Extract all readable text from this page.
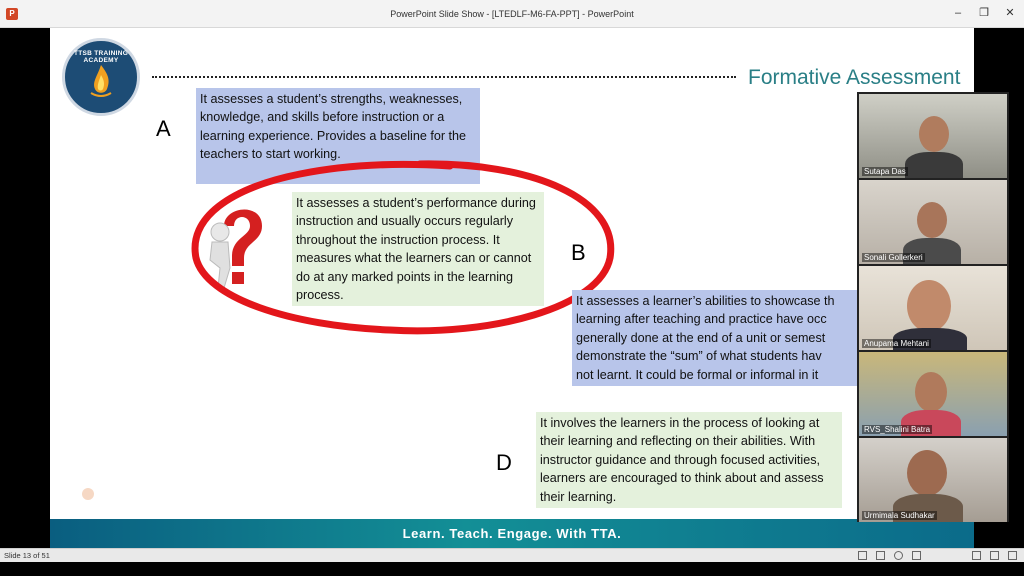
P	PowerPoint Slide Show - [LTEDLF-M6-FA-PPT] - PowerPoint	–	❐ ✕
TTSB TRAINING ACADEMY
Formative Assessment
A
It assesses a student’s strengths, weaknesses, knowledge, and skills before instruction or a learning experience. Provides a baseline for the teachers to start working.
It assesses a student’s performance during instruction and usually occurs regularly throughout the instruction process. It measures what the learners can or cannot do at any marked points in the learning process.
B
It assesses a learner’s abilities to showcase th
learning after teaching and practice have occ
generally done at the end of a unit or semest
demonstrate the “sum” of what students hav
not learnt. It could be formal or informal in it
D
It involves the learners in the process of looking at their learning and reflecting on their abilities. With instructor guidance and through focused activities, learners are encouraged to think about and assess their learning.
Learn. Teach. Engage. With TTA.
Sutapa Das
Sonali Gollerkeri
Anupama Mehtani
RVS_Shalini Batra
Urmimala Sudhakar
Slide 13 of 51
